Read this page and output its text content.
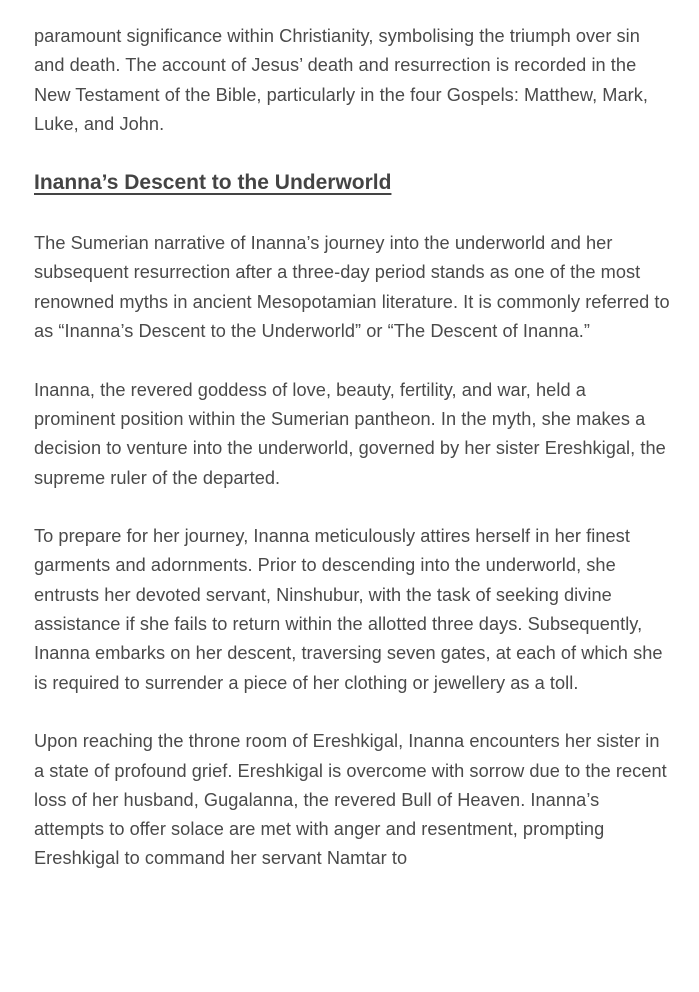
paramount significance within Christianity, symbolising the triumph over sin and death. The account of Jesus’ death and resurrection is recorded in the New Testament of the Bible, particularly in the four Gospels: Matthew, Mark, Luke, and John.

Inanna’s Descent to the Underworld

The Sumerian narrative of Inanna’s journey into the underworld and her subsequent resurrection after a three-day period stands as one of the most renowned myths in ancient Mesopotamian literature. It is commonly referred to as “Inanna’s Descent to the Underworld” or “The Descent of Inanna.”

Inanna, the revered goddess of love, beauty, fertility, and war, held a prominent position within the Sumerian pantheon. In the myth, she makes a decision to venture into the underworld, governed by her sister Ereshkigal, the supreme ruler of the departed.

To prepare for her journey, Inanna meticulously attires herself in her finest garments and adornments. Prior to descending into the underworld, she entrusts her devoted servant, Ninshubur, with the task of seeking divine assistance if she fails to return within the allotted three days. Subsequently, Inanna embarks on her descent, traversing seven gates, at each of which she is required to surrender a piece of her clothing or jewellery as a toll.

Upon reaching the throne room of Ereshkigal, Inanna encounters her sister in a state of profound grief. Ereshkigal is overcome with sorrow due to the recent loss of her husband, Gugalanna, the revered Bull of Heaven. Inanna’s attempts to offer solace are met with anger and resentment, prompting Ereshkigal to command her servant Namtar to
